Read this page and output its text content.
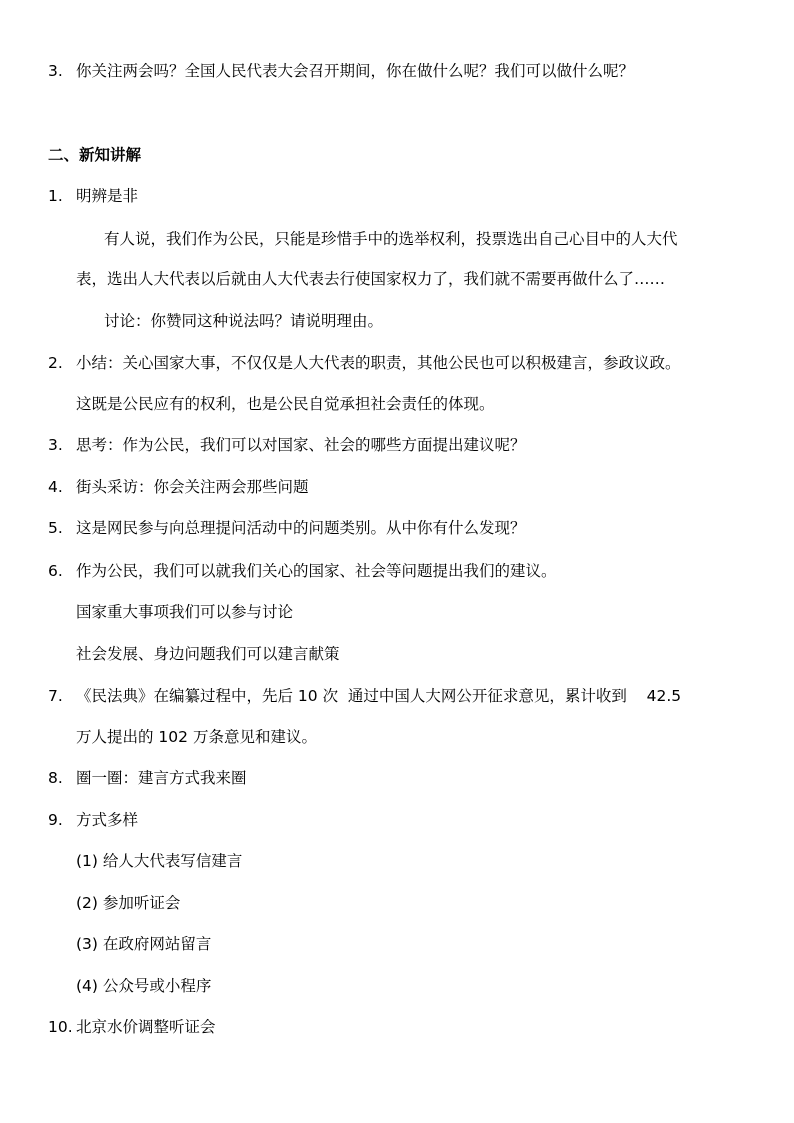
3. 你关注两会吗？全国人民代表大会召开期间，你在做什么呢？我们可以做什么呢？
二、新知讲解
1. 明辨是非
有人说，我们作为公民，只能是珍惜手中的选举权利，投票选出自己心目中的人大代
表，选出人大代表以后就由人大代表去行使国家权力了，我们就不需要再做什么了……
讨论：你赞同这种说法吗？请说明理由。
2. 小结：关心国家大事，不仅仅是人大代表的职责，其他公民也可以积极建言，参政议政。
这既是公民应有的权利，也是公民自觉承担社会责任的体现。
3. 思考：作为公民，我们可以对国家、社会的哪些方面提出建议呢？
4. 街头采访：你会关注两会那些问题
5. 这是网民参与向总理提问活动中的问题类别。从中你有什么发现？
6. 作为公民，我们可以就我们关心的国家、社会等问题提出我们的建议。
国家重大事项我们可以参与讨论
社会发展、身边问题我们可以建言献策
7. 《民法典》在编纂过程中，先后 10 次  通过中国人大网公开征求意见，累计收到    42.5
万人提出的 102 万条意见和建议。
8. 圈一圈：建言方式我来圈
9. 方式多样
(1) 给人大代表写信建言
(2) 参加听证会
(3) 在政府网站留言
(4) 公众号或小程序
10. 北京水价调整听证会
